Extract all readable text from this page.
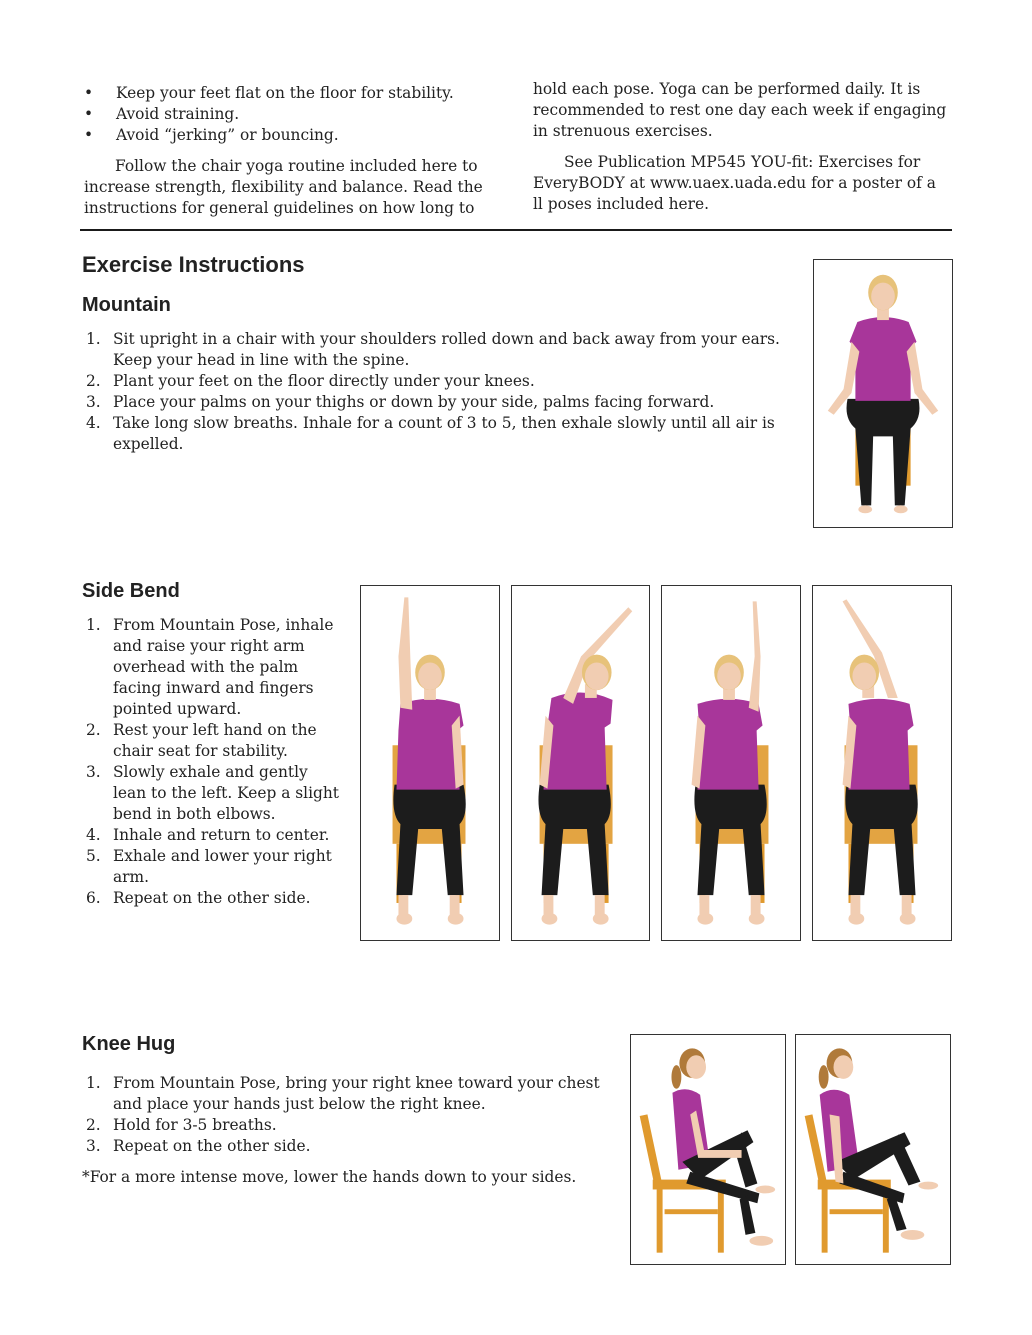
• Keep your feet flat on the floor for stability.
• Avoid straining.
• Avoid “jerking” or bouncing.

Follow the chair yoga routine included here to increase strength, flexibility and balance. Read the instructions for general guidelines on how long to

hold each pose. Yoga can be performed daily. It is recommended to rest one day each week if engaging in strenuous exercises.

See Publication MP545 YOU-fit: Exercises for EveryBODY at www.uaex.uada.edu for a poster of a ll poses included here.

Exercise Instructions
Mountain
1. Sit upright in a chair with your shoulders rolled down and back away from your ears. Keep your head in line with the spine.
2. Plant your feet on the floor directly under your knees.
3. Place your palms on your thighs or down by your side, palms facing forward.
4. Take long slow breaths. Inhale for a count of 3 to 5, then exhale slowly until all air is expelled.
Side Bend
1. From Mountain Pose, inhale and raise your right arm overhead with the palm facing inward and fingers pointed upward.
2. Rest your left hand on the chair seat for stability.
3. Slowly exhale and gently lean to the left. Keep a slight bend in both elbows.
4. Inhale and return to center.
5. Exhale and lower your right arm.
6. Repeat on the other side.
Knee Hug
1. From Mountain Pose, bring your right knee toward your chest and place your hands just below the right knee.
2. Hold for 3-5 breaths.
3. Repeat on the other side.

*For a more intense move, lower the hands down to your sides.
